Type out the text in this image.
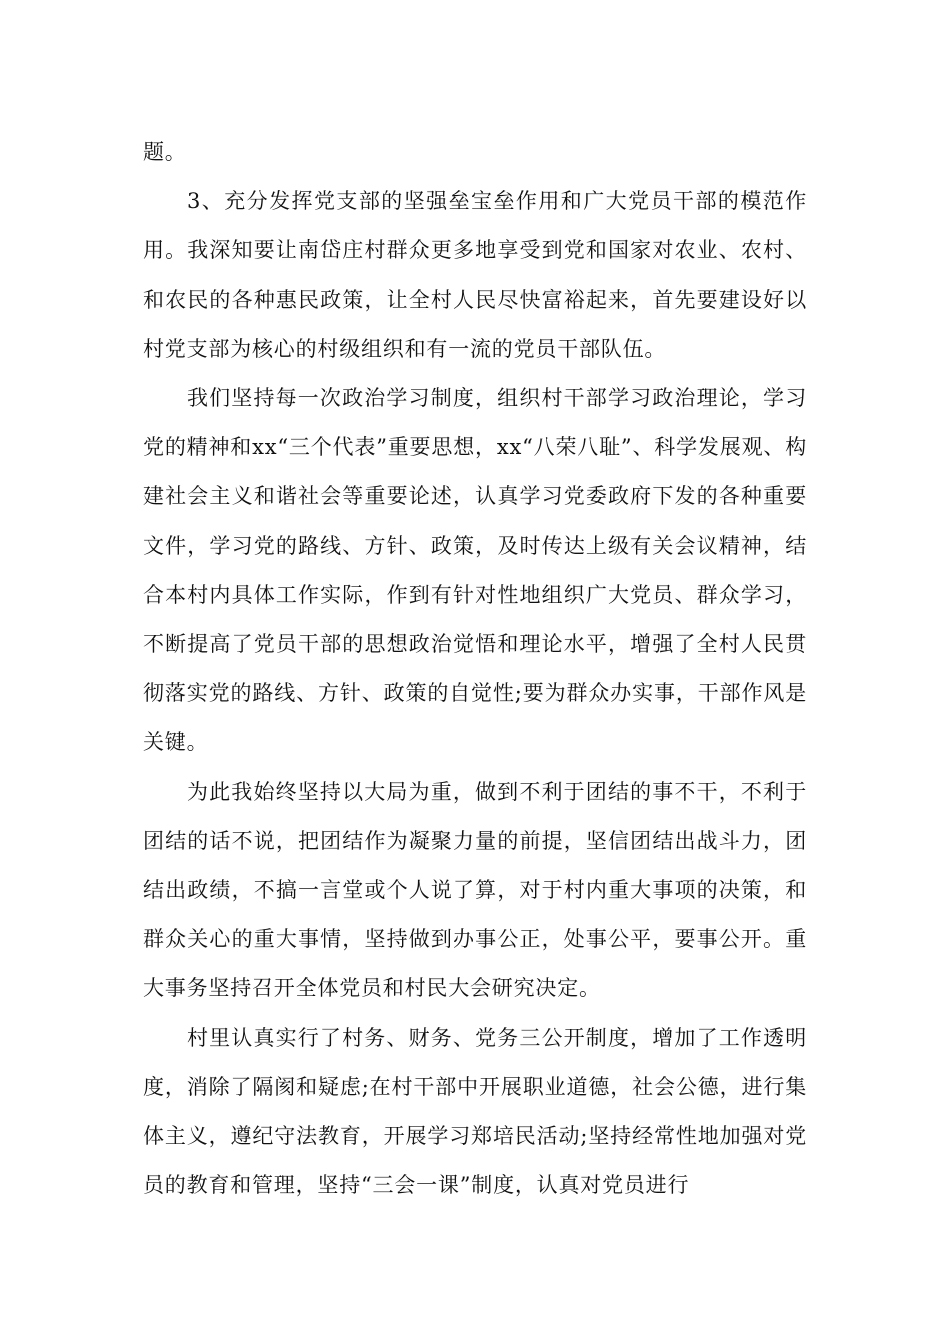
题。

3、充分发挥党支部的坚强垒宝垒作用和广大党员干部的模范作用。我深知要让南岱庄村群众更多地享受到党和国家对农业、农村、和农民的各种惠民政策，让全村人民尽快富裕起来，首先要建设好以村党支部为核心的村级组织和有一流的党员干部队伍。

我们坚持每一次政治学习制度，组织村干部学习政治理论，学习党的精神和xx“三个代表”重要思想，xx“八荣八耻”、科学发展观、构建社会主义和谐社会等重要论述，认真学习党委政府下发的各种重要文件，学习党的路线、方针、政策，及时传达上级有关会议精神，结合本村内具体工作实际，作到有针对性地组织广大党员、群众学习，不断提高了党员干部的思想政治觉悟和理论水平，增强了全村人民贯彻落实党的路线、方针、政策的自觉性;要为群众办实事，干部作风是关键。

为此我始终坚持以大局为重，做到不利于团结的事不干，不利于团结的话不说，把团结作为凝聚力量的前提，坚信团结出战斗力，团结出政绩，不搞一言堂或个人说了算，对于村内重大事项的决策，和群众关心的重大事情，坚持做到办事公正，处事公平，要事公开。重大事务坚持召开全体党员和村民大会研究决定。

村里认真实行了村务、财务、党务三公开制度，增加了工作透明度，消除了隔阂和疑虑;在村干部中开展职业道德，社会公德，进行集体主义，遵纪守法教育，开展学习郑培民活动;坚持经常性地加强对党员的教育和管理，坚持“三会一课”制度，认真对党员进行
